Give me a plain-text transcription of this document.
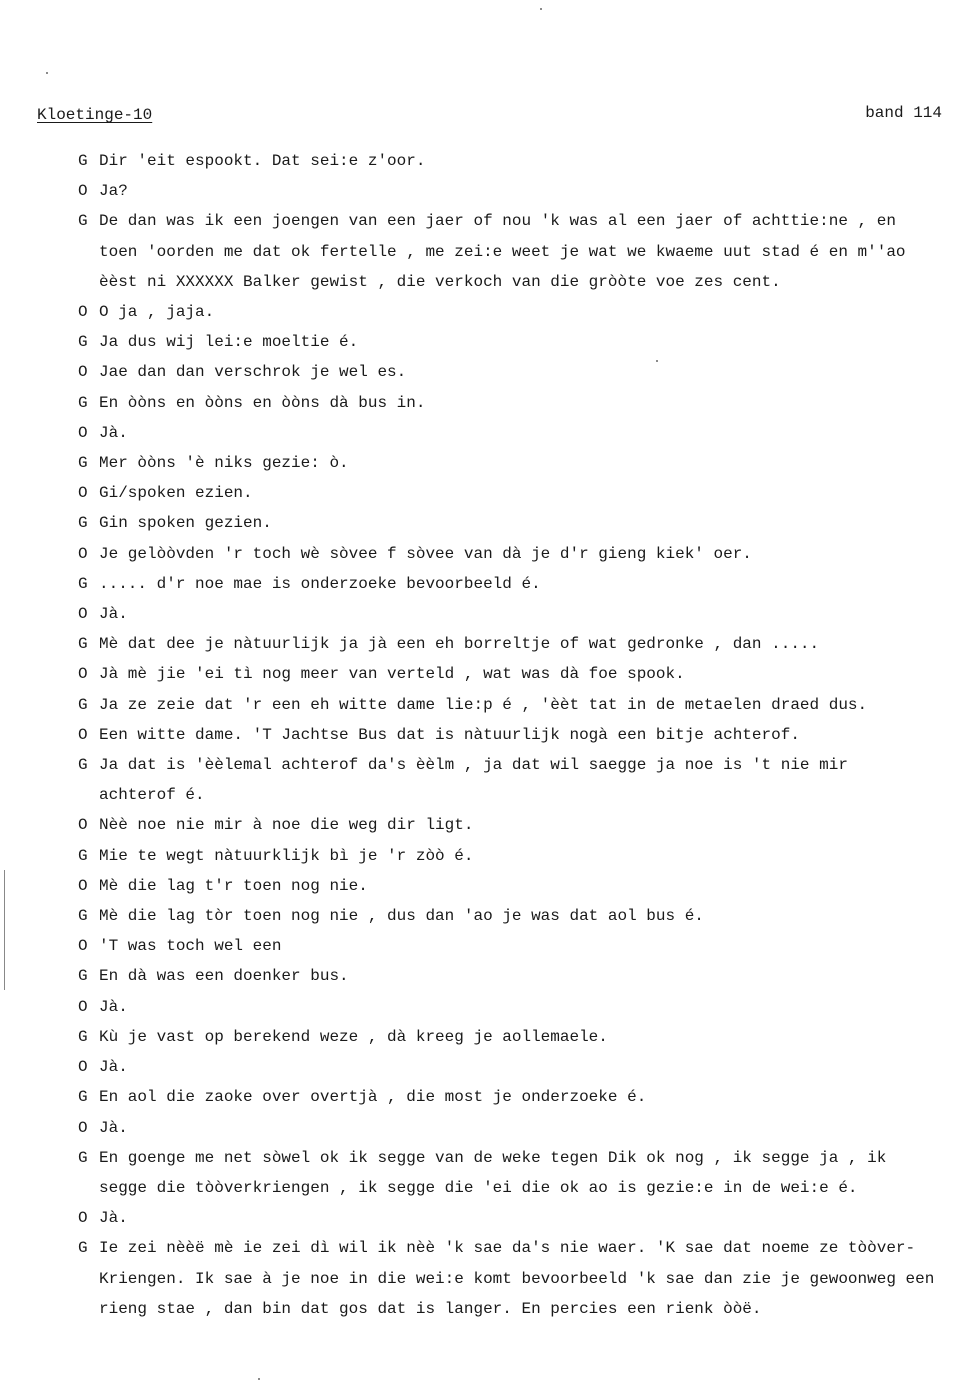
Kloetinge-10	band 114
G Dir 'eit espookt. Dat sei:e z'oor.
O Ja?
G De dan was ik een joengen van een jaer of nou 'k was al een jaer of achttie:ne , en
toen 'oorden me dat ok fertelle , me zei:e weet je wat we kwaeme uut stad é en m''ao
èèst ni XXXXXX Balker gewist , die verkoch van die gròòte voe zes cent.
O O ja , jaja.
G Ja dus wij lei:e moeltie é.
O Jae dan dan verschrok je wel es.
G En òòns en òòns en òòns dà bus in.
O Jà.
G Mer òòns 'è niks gezie: ò.
O Gi/spoken ezien.
G Gin spoken gezien.
O Je gelòòvden 'r toch wè sòvee f sòvee van dà je d'r gieng kiek' oer.
G ..... d'r noe mae is onderzoeke bevoorbeeld é.
O Jà.
G Mè dat dee je nàtuurlijk ja jà een eh borreltje of wat gedronke , dan .....
O Jà mè jie 'ei tì nog meer van verteld , wat was dà foe spook.
G Ja ze zeie dat 'r een eh witte dame lie:p é , 'èèt tat in de metaelen draed dus.
O Een witte dame. 'T Jachtse Bus dat is nàtuurlijk nogà een bitje achterof.
G Ja dat is 'èèlemal achterof da's èèlm , ja dat wil saegge ja noe is 't nie mir
achterof é.
O Nèè noe nie mir à noe die weg dir ligt.
G Mie te wegt nàtuurklijk bì je 'r zòò é.
O Mè die lag t'r toen nog nie.
G Mè die lag tòr toen nog nie , dus dan 'ao je was dat aol bus é.
O 'T was toch wel een
G En dà was een doenker bus.
O Jà.
G Kù je vast op berekend weze , dà kreeg je aollemaele.
O Jà.
G En aol die zaoke over overtjà , die most je onderzoeke é.
O Jà.
G En goenge me net sòwel ok ik segge van de weke tegen Dik ok nog , ik segge ja , ik
segge die tòòverkriengen , ik segge die 'ei die ok ao is gezie:e in de wei:e é.
O Jà.
G Ie zei nèèë mè ie zei dì wil ik nèè 'k sae da's nie waer. 'K sae dat noeme ze tòòver-
Kriengen. Ik sae à je noe in die wei:e komt bevoorbeeld 'k sae dan zie je gewoonweg een
rieng stae , dan bin dat gos dat is langer. En percies een rienk òòë.
